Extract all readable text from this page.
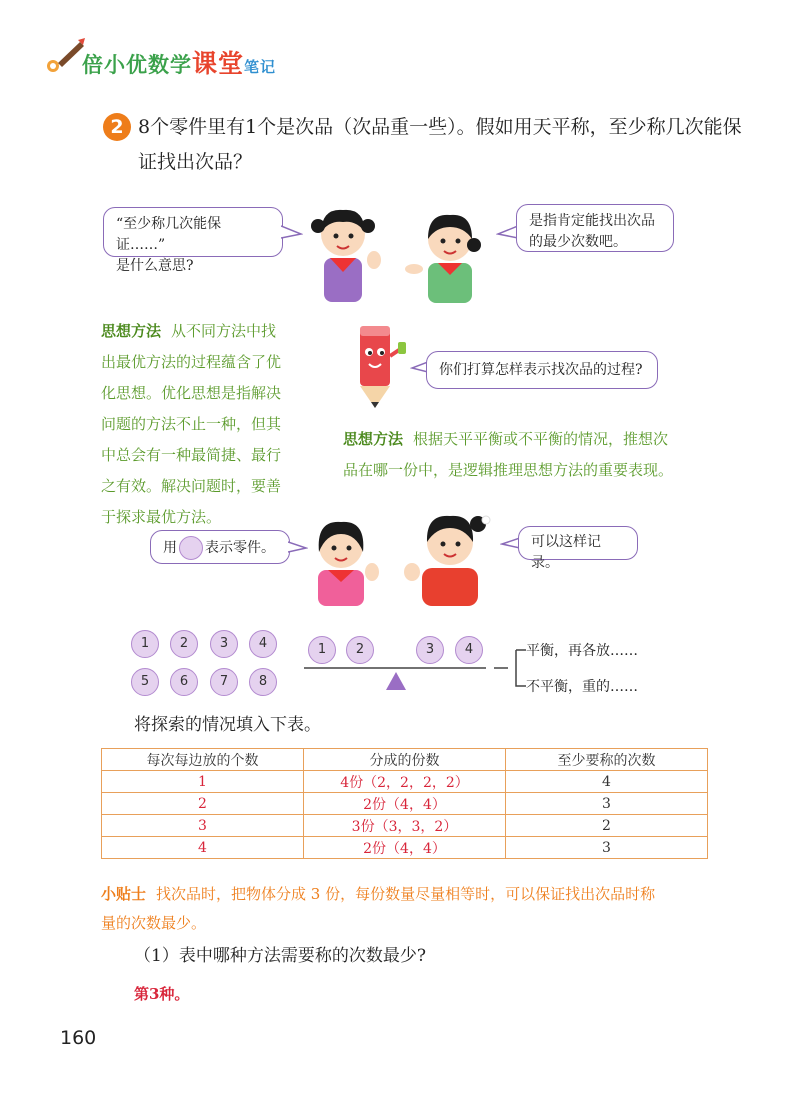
倍小优数学课堂笔记
2 8个零件里有1个是次品（次品重一些）。假如用天平称，至少称几次能保
证找出次品？
“至少称几次能保证……”
是什么意思?
是指肯定能找出次品
的最少次数吧。
思想方法 从不同方法中找
出最优方法的过程蕴含了优
化思想。优化思想是指解决
问题的方法不止一种，但其
中总会有一种最简捷、最行
之有效。解决问题时，要善
于探求最优方法。
你们打算怎样表示找次品的过程?
思想方法 根据天平平衡或不平衡的情况，推想次
品在哪一份中，是逻辑推理思想方法的重要表现。
用 表示零件。	可以这样记录。
1	2	3	4
5	6	7	8
1	2	3	4	平衡，再各放……
不平衡，重的……
将探索的情况填入下表。
每次每边放的个数	分成的份数	至少要称的次数
1	4份（2，2，2，2）	4
2	2份（4，4）	3
3	3份（3，3，2）	2
4	2份（4，4）	3
小贴士 找次品时，把物体分成 3 份，每份数量尽量相等时，可以保证找出次品时称
量的次数最少。
（1）表中哪种方法需要称的次数最少?
第3种。
160
